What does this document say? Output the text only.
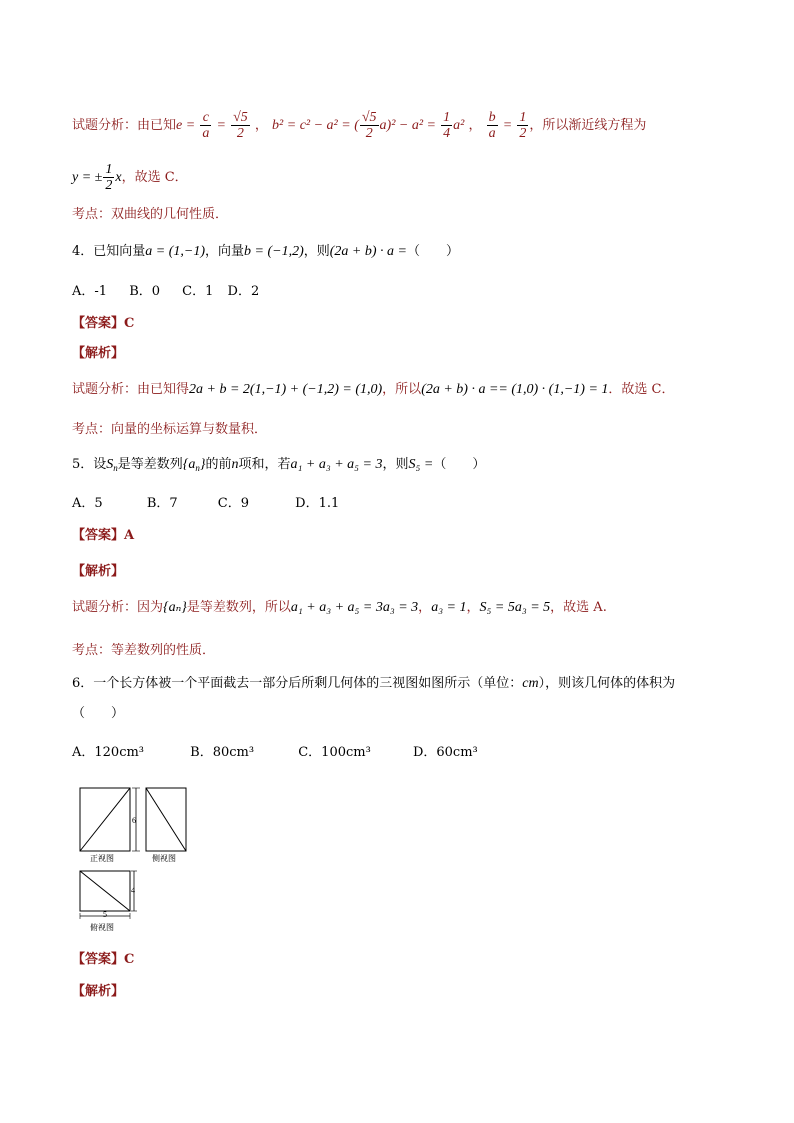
试题分析：由已知$e = \frac{c}{a} = \frac{√5}{2}$ ， b² = c² − a² = ( $\frac{√5}{2} a)^2 - a^2 = \frac{1}{4} a^2$ ， $\frac{b}{a} = \frac{1}{2}$ ，所以渐近线方程为
y = ± $\frac{1}{2}$ x，故选 C．
考点：双曲线的几何性质．
4．已知向量a = (1,−1)，向量b = (−1,2)，则(2a + b) · a =（　　）
A．-1 B．0 C．1 D．2
【答案】C
【解析】
试题分析：由已知得2a + b = 2(1,−1) + (−1,2) = (1,0)，所以(2a + b) · a == (1,0) · (1,−1) = 1．故选 C．
考点：向量的坐标运算与数量积．
5．设$S_n$是等差数列$\{a_n\}$的前n项和，若a₁ + a₃ + a₅ = 3，则S₅ =（　　）
A．5	B．7	C．9	D．1.1
【答案】A
【解析】
试题分析：因为{aₙ}是等差数列，所以a₁ + a₃ + a₅ = 3a₃ = 3，a₃ = 1，S₅ = 5a₃ = 5，故选 A.
考点：等差数列的性质．
6．一个长方体被一个平面截去一部分后所剩几何体的三视图如图所示（单位：cm），则该几何体的体积为
（　　）
A．120cm³	B．80cm³	C．100cm³	D．60cm³
6
正视图	侧视图
4
5
俯视图
【答案】C
【解析】
